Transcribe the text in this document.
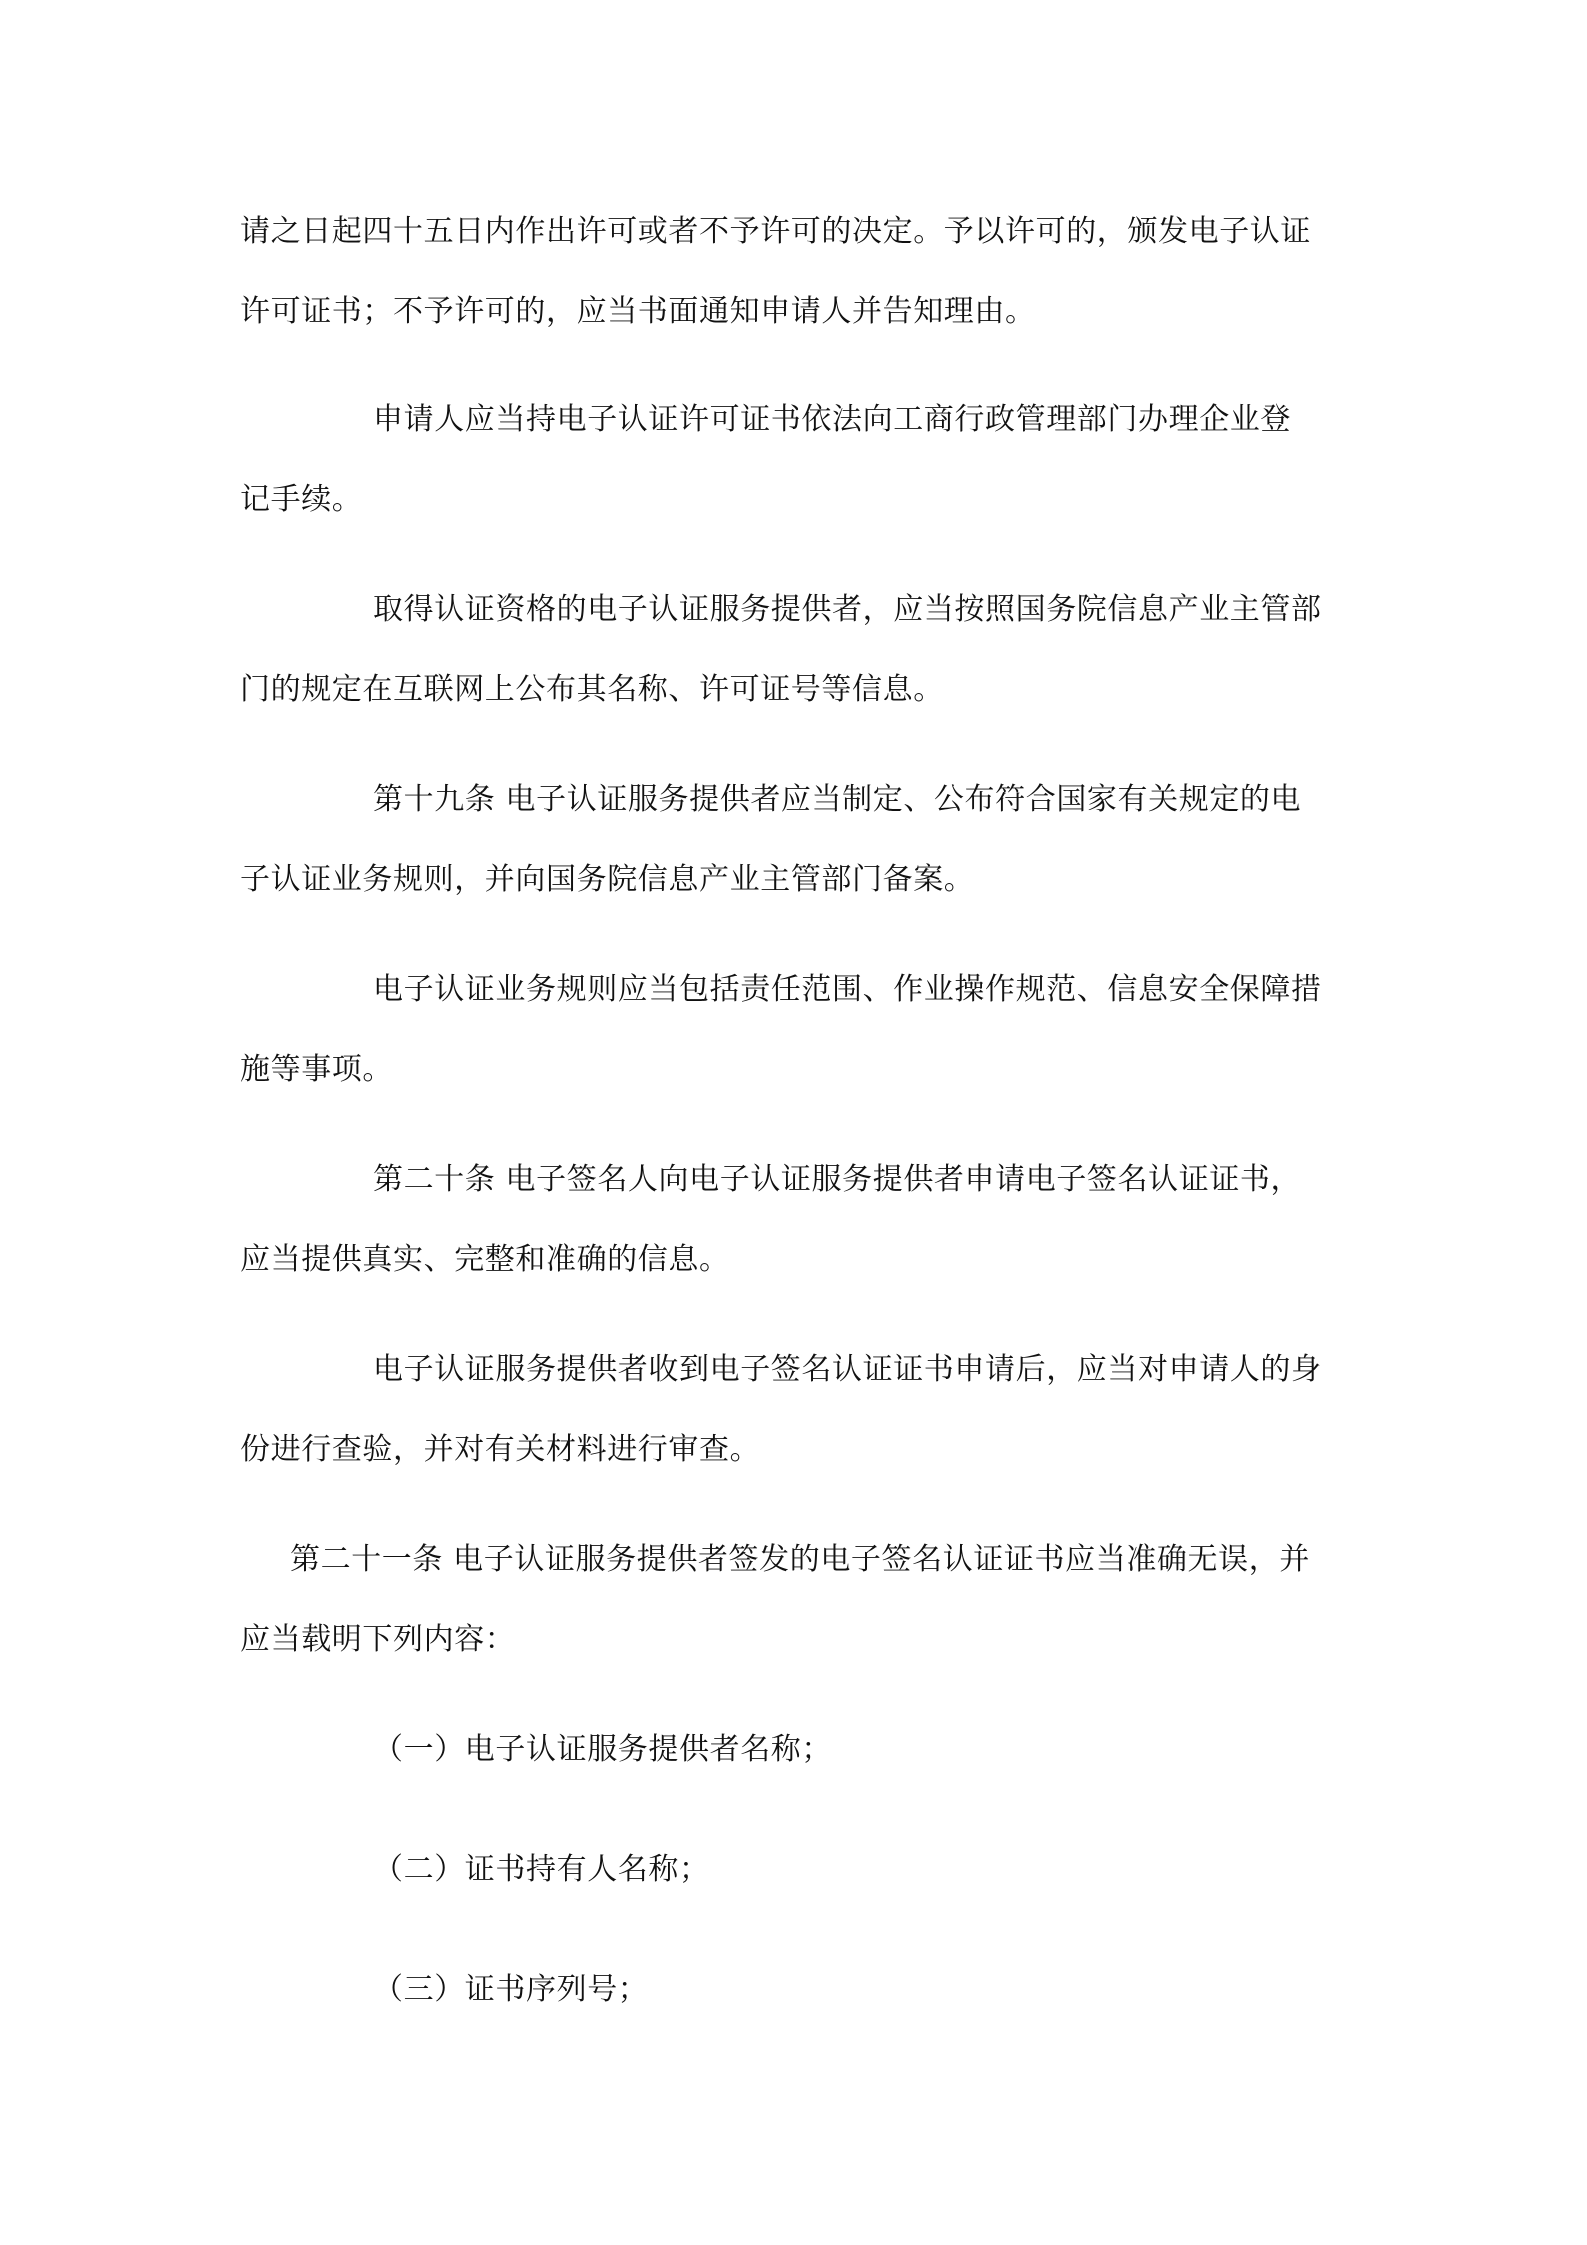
请之日起四十五日内作出许可或者不予许可的决定。予以许可的，颁发电子认证
许可证书；不予许可的，应当书面通知申请人并告知理由。
申请人应当持电子认证许可证书依法向工商行政管理部门办理企业登
记手续。
取得认证资格的电子认证服务提供者，应当按照国务院信息产业主管部
门的规定在互联网上公布其名称、许可证号等信息。
第十九条 电子认证服务提供者应当制定、公布符合国家有关规定的电
子认证业务规则，并向国务院信息产业主管部门备案。
电子认证业务规则应当包括责任范围、作业操作规范、信息安全保障措
施等事项。
第二十条 电子签名人向电子认证服务提供者申请电子签名认证证书，
应当提供真实、完整和准确的信息。
电子认证服务提供者收到电子签名认证证书申请后，应当对申请人的身
份进行查验，并对有关材料进行审查。
第二十一条 电子认证服务提供者签发的电子签名认证证书应当准确无误，并
应当载明下列内容：
（一）电子认证服务提供者名称；
（二）证书持有人名称；
（三）证书序列号；
